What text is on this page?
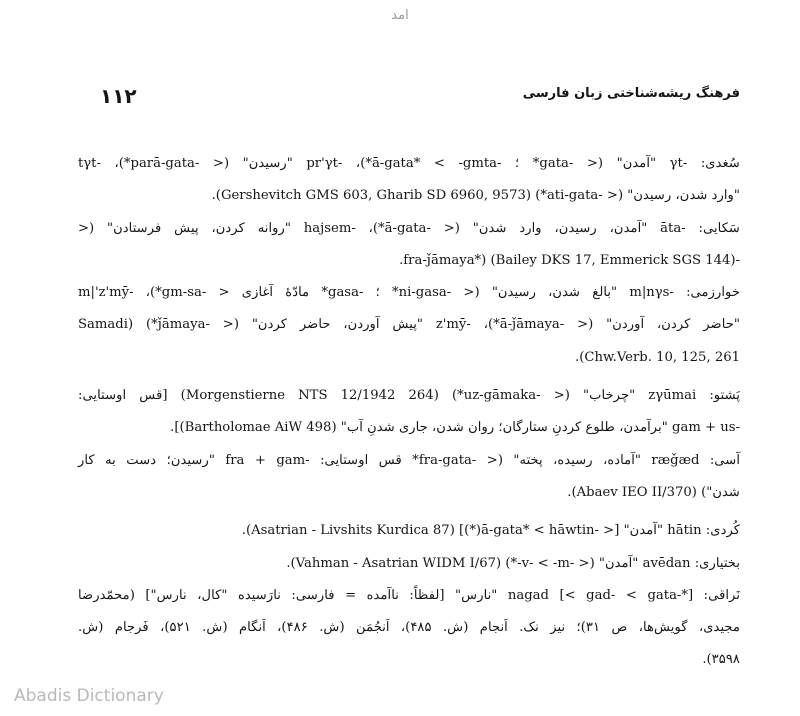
امد
۱۱۲	فرهنگ ریشه‌شناختی زبان فارسی
سُغدی: -γt "آمدن" (< -gata* ؛ -ā-gata* < -gmta*)، -pr'γt "رسیدن" (< -parā-gata*)، -tγt
"وارد شدن، رسیدن" (< -ati-gata*) (Gershevitch GMS 603, Gharib SD 6960, 9573).
سَکایی: -āta "آمدن، رسیدن، وارد شدن" (< -ā-gata*)، -hajsem "روانه کردن، پیش فرستادن" (<
-fra-ǰāmaya*) (Bailey DKS 17, Emmerick SGS 144).
خوارزمی: -m|nγs "بالغ شدن، رسیدن" (< -ni-gasa* ؛ -gasa* مادّهٔ آغازی < -gm-sa*)، -m|'z'mȳ
"حاضر کردن، آوردن" (< -ā-ǰāmaya*)، -z'mȳ "پیش آوردن، حاضر کردن" (< -ǰāmaya*) (Samadi
Chw.Verb. 10, 125, 261).
پَشتو: zγūmai "چرخاب" (< -uz-gāmaka*) (Morgenstierne NTS 12/1942 264) [قس اوستایی:
-gam + us "برآمدن، طلوع کردنِ ستارگان؛ روان شدن، جاری شدنِ آب" (Bartholomae AiW 498)].
آسی: ræǧæd "آماده، رسیده، پخته" (< -fra-gata* قس اوستایی: -fra + gam "رسیدن؛ دست به کار
شدن") (Abaev IEO II/370).
کُردی: hātin "آمدن" [< -ā-gata* < hāwtin(*)] (Asatrian - Livshits Kurdica 87).
بختیاری: avēdan "آمدن" (< -v- < -m-*) (Vahman - Asatrian WIDM I/67).
نَراقی: nagad [< gad- < gata-*] "نارس" [لفظاً: ناآمده = فارسی: نارَسیده "کال، نارس"] (محمّدرضا
مجیدی، گویش‌ها، ص ۳۱)؛ نیز نک. اَنجام (ش. ۴۸۵)، اَنجُمَن (ش. ۴۸۶)، اَنگام (ش. ۵۲۱)، فَرجام (ش.
۳۵۹۸).
Abadis Dictionary
